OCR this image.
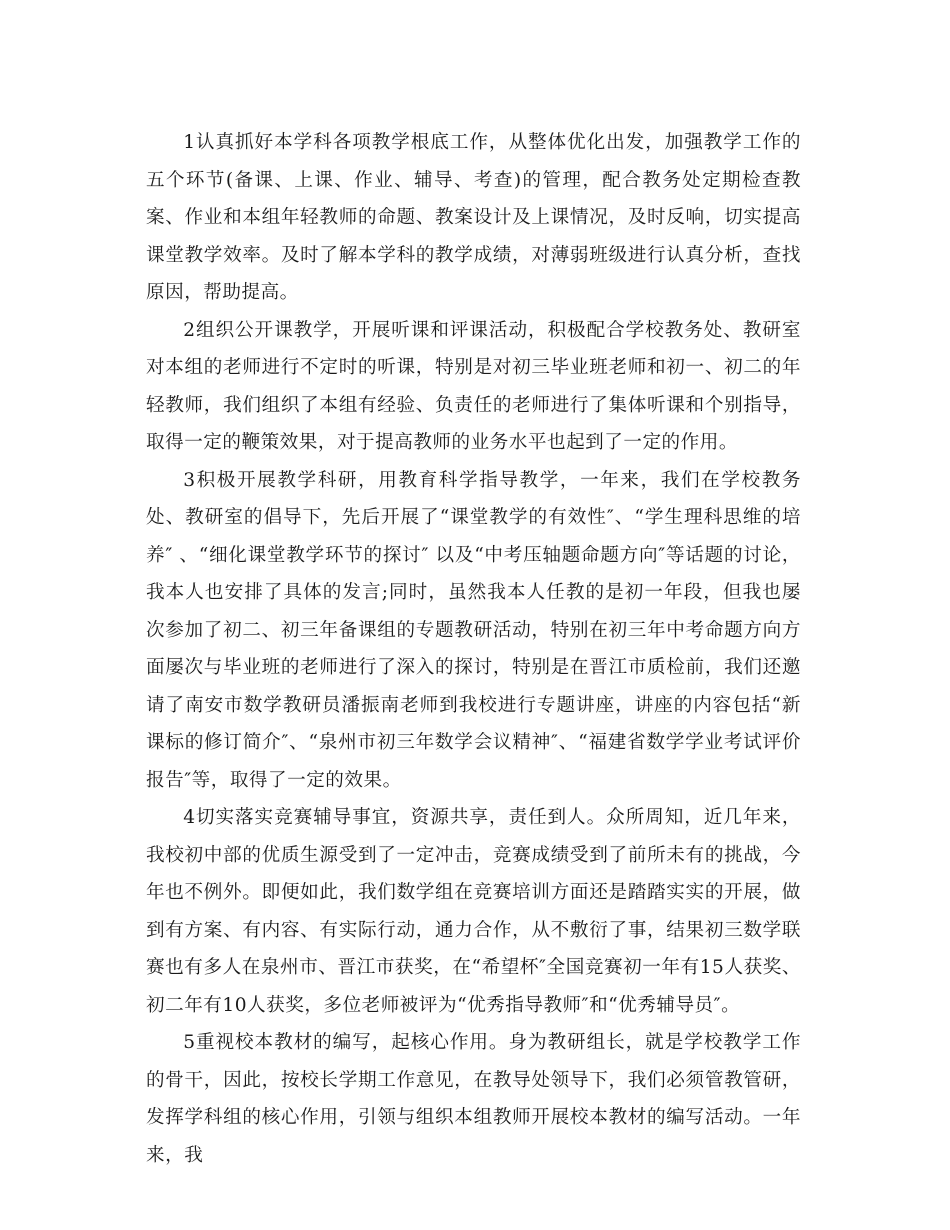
1认真抓好本学科各项教学根底工作，从整体优化出发，加强教学工作的五个环节(备课、上课、作业、辅导、考查)的管理，配合教务处定期检查教案、作业和本组年轻教师的命题、教案设计及上课情况，及时反响，切实提高课堂教学效率。及时了解本学科的教学成绩，对薄弱班级进行认真分析，查找原因，帮助提高。

2组织公开课教学，开展听课和评课活动，积极配合学校教务处、教研室对本组的老师进行不定时的听课，特别是对初三毕业班老师和初一、初二的年轻教师，我们组织了本组有经验、负责任的老师进行了集体听课和个别指导，取得一定的鞭策效果，对于提高教师的业务水平也起到了一定的作用。

3积极开展教学科研，用教育科学指导教学，一年来，我们在学校教务处、教研室的倡导下，先后开展了“课堂教学的有效性″、“学生理科思维的培养″ 、“细化课堂教学环节的探讨″ 以及“中考压轴题命题方向″等话题的讨论，我本人也安排了具体的发言;同时，虽然我本人任教的是初一年段，但我也屡次参加了初二、初三年备课组的专题教研活动，特别在初三年中考命题方向方面屡次与毕业班的老师进行了深入的探讨，特别是在晋江市质检前，我们还邀请了南安市数学教研员潘振南老师到我校进行专题讲座，讲座的内容包括“新课标的修订简介″、“泉州市初三年数学会议精神″、“福建省数学学业考试评价报告″等，取得了一定的效果。

4切实落实竞赛辅导事宜，资源共享，责任到人。众所周知，近几年来，我校初中部的优质生源受到了一定冲击，竞赛成绩受到了前所未有的挑战，今年也不例外。即便如此，我们数学组在竞赛培训方面还是踏踏实实的开展，做到有方案、有内容、有实际行动，通力合作，从不敷衍了事，结果初三数学联赛也有多人在泉州市、晋江市获奖，在“希望杯″全国竞赛初一年有15人获奖、初二年有10人获奖，多位老师被评为“优秀指导教师″和“优秀辅导员″。

5重视校本教材的编写，起核心作用。身为教研组长，就是学校教学工作的骨干，因此，按校长学期工作意见，在教导处领导下，我们必须管教管研，发挥学科组的核心作用，引领与组织本组教师开展校本教材的编写活动。一年来，我
